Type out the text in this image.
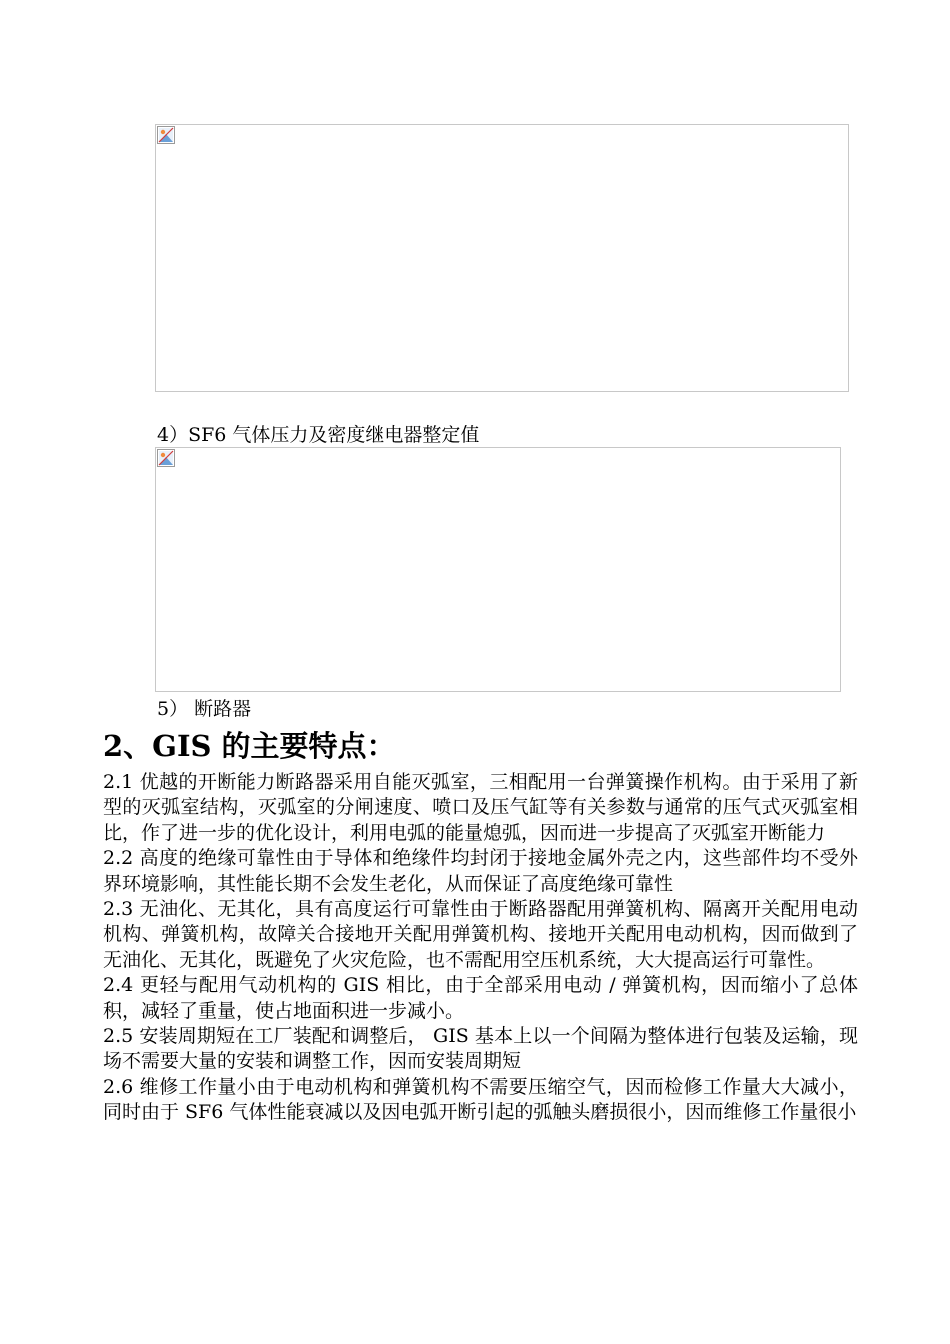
4）SF6 气体压力及密度继电器整定值
5） 断路器
2、GIS 的主要特点：

2.1 优越的开断能力断路器采用自能灭弧室，三相配用一台弹簧操作机构。由于采用了新型的灭弧室结构，灭弧室的分闸速度、喷口及压气缸等有关参数与通常的压气式灭弧室相比，作了进一步的优化设计，利用电弧的能量熄弧，因而进一步提高了灭弧室开断能力

2.2 高度的绝缘可靠性由于导体和绝缘件均封闭于接地金属外壳之内，这些部件均不受外界环境影响，其性能长期不会发生老化，从而保证了高度绝缘可靠性

2.3 无油化、无其化，具有高度运行可靠性由于断路器配用弹簧机构、隔离开关配用电动机构、弹簧机构，故障关合接地开关配用弹簧机构、接地开关配用电动机构，因而做到了无油化、无其化，既避免了火灾危险，也不需配用空压机系统，大大提高运行可靠性。

2.4 更轻与配用气动机构的 GIS 相比，由于全部采用电动 / 弹簧机构，因而缩小了总体积，减轻了重量，使占地面积进一步减小。

2.5 安装周期短在工厂装配和调整后， GIS 基本上以一个间隔为整体进行包装及运输，现场不需要大量的安装和调整工作，因而安装周期短

2.6 维修工作量小由于电动机构和弹簧机构不需要压缩空气，因而检修工作量大大减小，同时由于 SF6 气体性能衰减以及因电弧开断引起的弧触头磨损很小，因而维修工作量很小
